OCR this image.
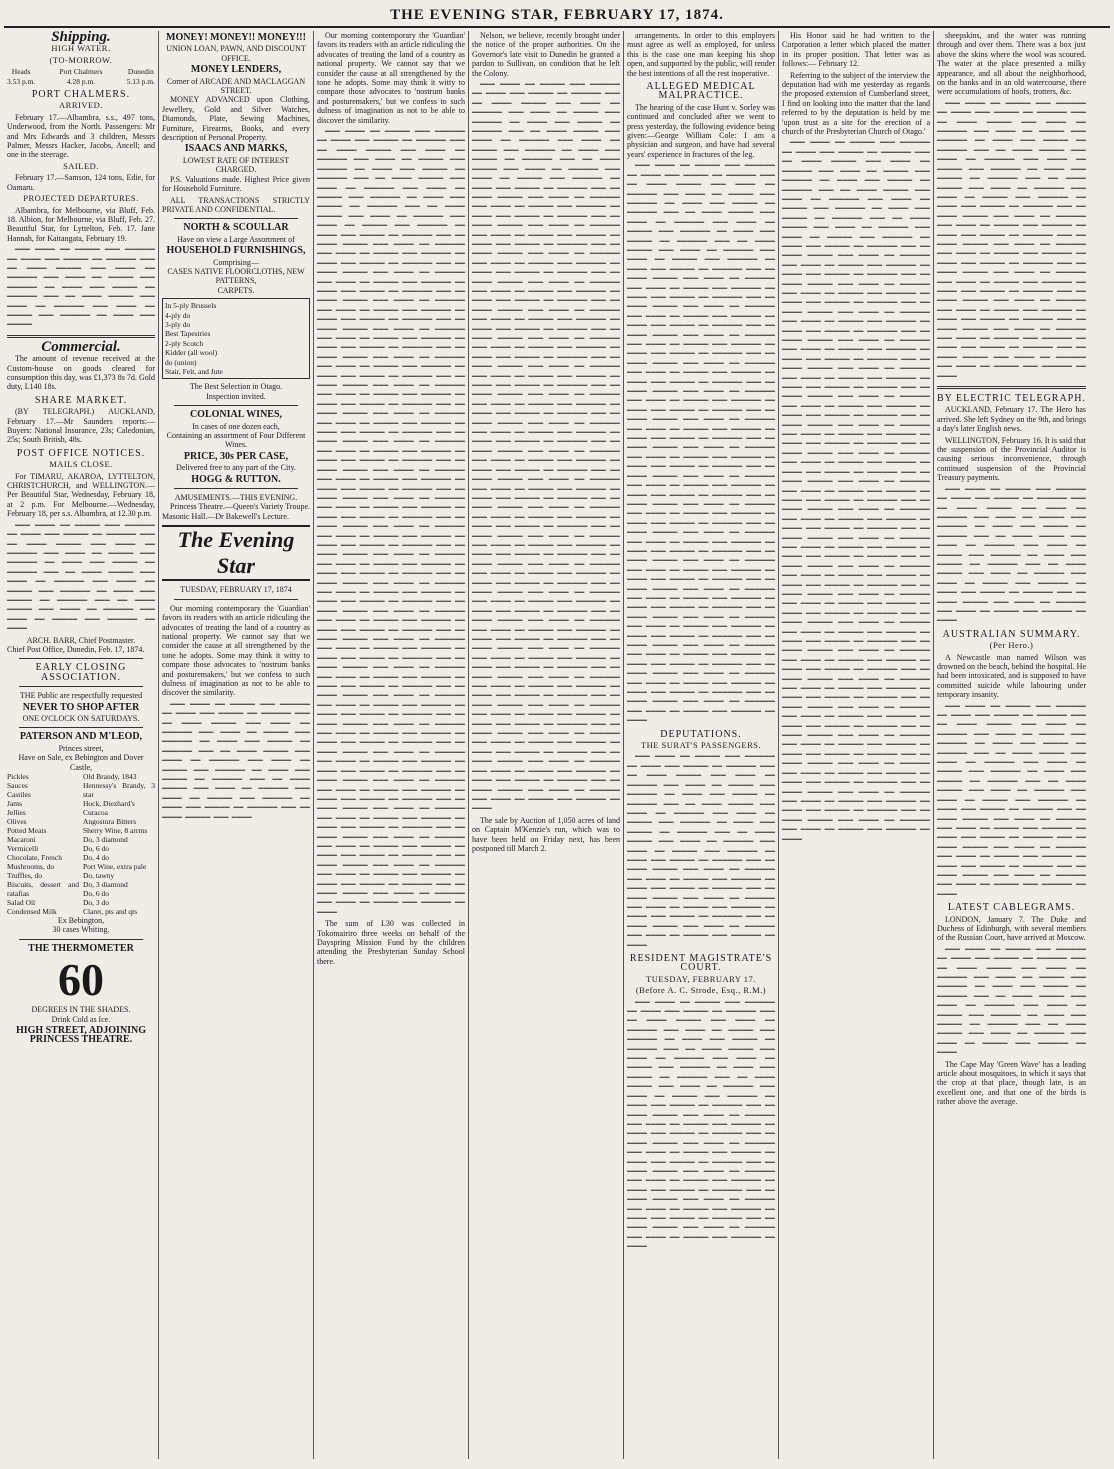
THE EVENING STAR, FEBRUARY 17, 1874.
Shipping.
HIGH WATER.
(TO-MORROW.
Heads
3.53 p.m.
Port Chalmers
4.28 p.m.
Dunedin
5.13 p.m.
PORT CHALMERS.
ARRIVED.

February 17.—Albambra, s.s., 497 tons, Underwood, from the North. Passengers: Mr and Mrs Edwards and 3 children, Messrs Palmer, Messrs Hacker, Jacobs, Ancell; and one in the steerage.

SAILED.

February 17.—Samson, 124 tons, Edie, for Oamaru.

PROJECTED DEPARTURES.

Albambra, for Melbourne, via Bluff, Feb. 18. Albion, for Melbourne, via Bluff, Feb. 27. Beautiful Star, for Lyttelton, Feb. 17. Jane Hannah, for Kaitangata, February 19.

━━━ ━━━━ ━━ ━━━━━ ━━━ ━━━━━━ ━━ ━━━━ ━━━ ━━━━━ ━━ ━━━━━━ ━━━ ━━ ━━━━ ━━━━━ ━━━ ━━━━ ━━ ━━━━━━ ━━━ ━━━━ ━━ ━━━━━ ━━━ ━━━━━━ ━━ ━━━━ ━━━ ━━━━━ ━━ ━━━━━━ ━━━ ━━ ━━━━ ━━━━━ ━━━ ━━━━ ━━ ━━━━━━ ━━━ ━━━━ ━━ ━━━━━ ━━━ ━━━━━━ ━━ ━━━━ ━━━ ━━━━━

Commercial.

The amount of revenue received at the Custom-house on goods cleared for consumption this day, was £1,373 8s 7d. Gold duty, L140 18s.

SHARE MARKET.

(BY TELEGRAPH.) AUCKLAND, February 17.—Mr Saunders reports:—Buyers: National Insurance, 23s; Caledonian, 25s; South British, 48s.

POST OFFICE NOTICES.
MAILS CLOSE.

For TIMARU, AKAROA, LYTTELTON, CHRISTCHURCH, and WELLINGTON.—Per Beautiful Star, Wednesday, February 18, at 2 p.m. For Melbourne.—Wednesday, February 18, per s.s. Albambra, at 12.30 p.m.

━━━ ━━━━ ━━ ━━━━━ ━━━ ━━━━━━ ━━ ━━━━ ━━━ ━━━━━ ━━ ━━━━━━ ━━━ ━━ ━━━━ ━━━━━ ━━━ ━━━━ ━━ ━━━━━━ ━━━ ━━━━ ━━ ━━━━━ ━━━ ━━━━━━ ━━ ━━━━ ━━━ ━━━━━ ━━ ━━━━━━ ━━━ ━━ ━━━━ ━━━━━ ━━━ ━━━━ ━━ ━━━━━━ ━━━ ━━━━ ━━ ━━━━━ ━━━ ━━━━━━ ━━ ━━━━ ━━━ ━━━━━ ━━ ━━━━━━ ━━━ ━━ ━━━━ ━━━━━ ━━━ ━━━━ ━━ ━━━━━━ ━━━ ━━━━ ━━ ━━━━━ ━━━ ━━━━━━ ━━ ━━━━

ARCH. BARR, Chief Postmaster.
Chief Post Office, Dunedin, Feb. 17, 1874.
EARLY CLOSING ASSOCIATION.
THE Public are respectfully requested
NEVER TO SHOP AFTER
ONE O'CLOCK ON SATURDAYS.
PATERSON AND M'LEOD,
Princes street,
Have on Sale, ex Bebington and Dover Castle,
Pickles
Sauces
Castiles
Jams
Jellies
Olives
Potted Meats
Macaroni
Vermicelli
Chocolate, French
Mushrooms, do
Truffles, do
Biscuits, dessert and ratafias
Salad Oil
Condensed Milk
Old Brandy, 1843
Hennessy's Brandy, 3 star
Hock, Diezhard's
Curacoa
Angostura Bitters
Sherry Wine, 8 arrms
Do, 3 diamond
Do, 6 do
Do, 4 do
Port Wine, extra pale
Do, tawny
Do, 3 diamond
Do, 6 do
Do, 3 do
Claret, pts and qts
Ex Bebington,
30 cases Whiting.
THE THERMOMETER
60
DEGREES IN THE SHADES.
Drink Cold as Ice.
HIGH STREET, ADJOINING PRINCESS THEATRE.
MONEY! MONEY!! MONEY!!!
UNION LOAN, PAWN, AND DISCOUNT OFFICE.
MONEY LENDERS,
Corner of ARCADE AND MACLAGGAN STREET.

MONEY ADVANCED upon Clothing, Jewellery, Gold and Silver Watches, Diamonds, Plate, Sewing Machines, Furniture, Firearms, Books, and every description of Personal Property.

ISAACS AND MARKS,
LOWEST RATE OF INTEREST CHARGED.

P.S. Valuations made. Highest Price given for Household Furniture.

ALL TRANSACTIONS STRICTLY PRIVATE AND CONFIDENTIAL.

NORTH & SCOULLAR
Have on view a Large Assortment of
HOUSEHOLD FURNISHINGS,
Comprising—
CASES NATIVE FLOORCLOTHS, NEW PATTERNS,
CARPETS.
In 5-ply Brussels
4-ply do
3-ply do
Best Tapestries
2-ply Scotch
Kidder (all wool)
do (union)
Stair, Felt, and Jute
The Best Selection in Otago.
Inspection invited.
COLONIAL WINES,
In cases of one dozen each,
Containing an assortment of Four Different Wines.
PRICE, 30s PER CASE,
Delivered free to any part of the City.
HOGG & RUTTON.
AMUSEMENTS.—THIS EVENING.

Princess Theatre.—Queen's Variety Troupe. Masonic Hall.—Dr Bakewell's Lecture.

The Evening Star
TUESDAY, FEBRUARY 17, 1874

Our morning contemporary the 'Guardian' favors its readers with an article ridiculing the advocates of treating the land of a country as national property. We cannot say that we consider the cause at all strengthened by the tone he adopts. Some may think it witty to compare those advocates to 'nostrum banks and posturemakers,' but we confess to such dulness of imagination as not to be able to discover the similarity.

━━━ ━━━━ ━━ ━━━━━ ━━━ ━━━━━━ ━━ ━━━━ ━━━ ━━━━━ ━━ ━━━━━━ ━━━ ━━ ━━━━ ━━━━━ ━━━ ━━━━ ━━ ━━━━━━ ━━━ ━━━━ ━━ ━━━━━ ━━━ ━━━━━━ ━━ ━━━━ ━━━ ━━━━━ ━━ ━━━━━━ ━━━ ━━ ━━━━ ━━━━━ ━━━ ━━━━ ━━ ━━━━━━ ━━━ ━━━━ ━━ ━━━━━ ━━━ ━━━━━━ ━━ ━━━━ ━━━ ━━━━━ ━━ ━━━━━━ ━━━ ━━ ━━━━ ━━━━━ ━━━ ━━━━ ━━ ━━━━━━ ━━━ ━━━━ ━━ ━━━━━ ━━━ ━━━━━━ ━━ ━━━━ ━━━ ━━━━━ ━━ ━━━━━━ ━━━ ━━ ━━━━ ━━━━━ ━━━ ━━━━

Our morning contemporary the 'Guardian' favors its readers with an article ridiculing the advocates of treating the land of a country as national property. We cannot say that we consider the cause at all strengthened by the tone he adopts. Some may think it witty to compare those advocates to 'nostrum banks and posturemakers,' but we confess to such dulness of imagination as not to be able to discover the similarity.

━━━ ━━━━ ━━ ━━━━━ ━━━ ━━━━━━ ━━ ━━━━ ━━━ ━━━━━ ━━ ━━━━━━ ━━━ ━━ ━━━━ ━━━━━ ━━━ ━━━━ ━━ ━━━━━━ ━━━ ━━━━ ━━ ━━━━━ ━━━ ━━━━━━ ━━ ━━━━ ━━━ ━━━━━ ━━ ━━━━━━ ━━━ ━━ ━━━━ ━━━━━ ━━━ ━━━━ ━━ ━━━━━━ ━━━ ━━━━ ━━ ━━━━━ ━━━ ━━━━━━ ━━ ━━━━ ━━━ ━━━━━ ━━ ━━━━━━ ━━━ ━━ ━━━━ ━━━━━ ━━━ ━━━━ ━━ ━━━━━━ ━━━ ━━━━ ━━ ━━━━━ ━━━ ━━━━━━ ━━ ━━━━ ━━━ ━━━━━ ━━ ━━━━━━ ━━━ ━━ ━━━━ ━━━━━ ━━━ ━━━━ ━━ ━━━━━━ ━━━ ━━━━ ━━ ━━━━━ ━━━ ━━━━━━ ━━ ━━━━ ━━━ ━━━━━ ━━ ━━━━━━ ━━━ ━━ ━━━━ ━━━━━ ━━━ ━━━━ ━━ ━━━━━━ ━━━ ━━━━ ━━ ━━━━━ ━━━ ━━━━━━ ━━ ━━━━ ━━━ ━━━━━ ━━ ━━━━━━ ━━━ ━━ ━━━━ ━━━━━ ━━━ ━━━━ ━━ ━━━━━━ ━━━ ━━━━ ━━ ━━━━━ ━━━ ━━━━━━ ━━ ━━━━ ━━━ ━━━━━ ━━ ━━━━━━ ━━━ ━━ ━━━━ ━━━━━ ━━━ ━━━━ ━━ ━━━━━━ ━━━ ━━━━ ━━ ━━━━━ ━━━ ━━━━━━ ━━ ━━━━ ━━━ ━━━━━ ━━ ━━━━━━ ━━━ ━━ ━━━━ ━━━━━ ━━━ ━━━━ ━━ ━━━━━━ ━━━ ━━━━ ━━ ━━━━━ ━━━ ━━━━━━ ━━ ━━━━ ━━━ ━━━━━ ━━ ━━━━━━ ━━━ ━━ ━━━━ ━━━━━ ━━━ ━━━━ ━━ ━━━━━━ ━━━ ━━━━ ━━ ━━━━━ ━━━ ━━━━━━ ━━ ━━━━ ━━━ ━━━━━ ━━ ━━━━━━ ━━━ ━━ ━━━━ ━━━━━ ━━━ ━━━━ ━━ ━━━━━━ ━━━ ━━━━ ━━ ━━━━━ ━━━ ━━━━━━ ━━ ━━━━ ━━━ ━━━━━ ━━ ━━━━━━ ━━━ ━━ ━━━━ ━━━━━ ━━━ ━━━━ ━━ ━━━━━━ ━━━ ━━━━ ━━ ━━━━━ ━━━ ━━━━━━ ━━ ━━━━ ━━━ ━━━━━ ━━ ━━━━━━ ━━━ ━━ ━━━━ ━━━━━ ━━━ ━━━━ ━━ ━━━━━━ ━━━ ━━━━ ━━ ━━━━━ ━━━ ━━━━━━ ━━ ━━━━ ━━━ ━━━━━ ━━ ━━━━━━ ━━━ ━━ ━━━━ ━━━━━ ━━━ ━━━━ ━━ ━━━━━━ ━━━ ━━━━ ━━ ━━━━━ ━━━ ━━━━━━ ━━ ━━━━ ━━━ ━━━━━ ━━ ━━━━━━ ━━━ ━━ ━━━━ ━━━━━ ━━━ ━━━━ ━━ ━━━━━━ ━━━ ━━━━ ━━ ━━━━━ ━━━ ━━━━━━ ━━ ━━━━ ━━━ ━━━━━ ━━ ━━━━━━ ━━━ ━━ ━━━━ ━━━━━ ━━━ ━━━━ ━━ ━━━━━━ ━━━ ━━━━ ━━ ━━━━━ ━━━ ━━━━━━ ━━ ━━━━ ━━━ ━━━━━ ━━ ━━━━━━ ━━━ ━━ ━━━━ ━━━━━ ━━━ ━━━━ ━━ ━━━━━━ ━━━ ━━━━ ━━ ━━━━━ ━━━ ━━━━━━ ━━ ━━━━ ━━━ ━━━━━ ━━ ━━━━━━ ━━━ ━━ ━━━━ ━━━━━ ━━━ ━━━━ ━━ ━━━━━━ ━━━ ━━━━ ━━ ━━━━━ ━━━ ━━━━━━ ━━ ━━━━ ━━━ ━━━━━ ━━ ━━━━━━ ━━━ ━━ ━━━━ ━━━━━ ━━━ ━━━━ ━━ ━━━━━━ ━━━ ━━━━ ━━ ━━━━━ ━━━ ━━━━━━ ━━ ━━━━ ━━━ ━━━━━ ━━ ━━━━━━ ━━━ ━━ ━━━━ ━━━━━ ━━━ ━━━━ ━━ ━━━━━━ ━━━ ━━━━ ━━ ━━━━━ ━━━ ━━━━━━ ━━ ━━━━ ━━━ ━━━━━ ━━ ━━━━━━ ━━━ ━━ ━━━━ ━━━━━ ━━━ ━━━━ ━━ ━━━━━━ ━━━ ━━━━ ━━ ━━━━━ ━━━ ━━━━━━ ━━ ━━━━ ━━━ ━━━━━ ━━ ━━━━━━ ━━━ ━━ ━━━━ ━━━━━ ━━━ ━━━━ ━━ ━━━━━━ ━━━ ━━━━ ━━ ━━━━━ ━━━ ━━━━━━ ━━ ━━━━ ━━━ ━━━━━ ━━ ━━━━━━ ━━━ ━━ ━━━━ ━━━━━ ━━━ ━━━━ ━━ ━━━━━━ ━━━ ━━━━ ━━ ━━━━━ ━━━ ━━━━━━ ━━ ━━━━ ━━━ ━━━━━ ━━ ━━━━━━ ━━━ ━━ ━━━━ ━━━━━ ━━━ ━━━━ ━━ ━━━━━━ ━━━ ━━━━ ━━ ━━━━━ ━━━ ━━━━━━ ━━ ━━━━ ━━━ ━━━━━ ━━ ━━━━━━ ━━━ ━━ ━━━━ ━━━━━ ━━━ ━━━━ ━━ ━━━━━━ ━━━ ━━━━ ━━ ━━━━━ ━━━ ━━━━━━ ━━ ━━━━ ━━━ ━━━━━ ━━ ━━━━━━ ━━━ ━━ ━━━━ ━━━━━ ━━━ ━━━━ ━━ ━━━━━━ ━━━ ━━━━ ━━ ━━━━━ ━━━ ━━━━━━ ━━ ━━━━ ━━━ ━━━━━ ━━ ━━━━━━ ━━━ ━━ ━━━━ ━━━━━ ━━━ ━━━━ ━━ ━━━━━━ ━━━ ━━━━ ━━ ━━━━━ ━━━ ━━━━━━ ━━ ━━━━ ━━━ ━━━━━ ━━ ━━━━━━ ━━━ ━━ ━━━━ ━━━━━ ━━━ ━━━━ ━━ ━━━━━━ ━━━ ━━━━ ━━ ━━━━━ ━━━ ━━━━━━ ━━ ━━━━

The sum of L30 was collected in Tokomairiro three weeks on behalf of the Dayspring Mission Fund by the children attending the Presbyterian Sunday School there.

Nelson, we believe, recently brought under the notice of the proper authorities. On the Governor's late visit to Dunedin he granted a pardon to Sullivan, on condition that he left the Colony.

━━━ ━━━━ ━━ ━━━━━ ━━━ ━━━━━━ ━━ ━━━━ ━━━ ━━━━━ ━━ ━━━━━━ ━━━ ━━ ━━━━ ━━━━━ ━━━ ━━━━ ━━ ━━━━━━ ━━━ ━━━━ ━━ ━━━━━ ━━━ ━━━━━━ ━━ ━━━━ ━━━ ━━━━━ ━━ ━━━━━━ ━━━ ━━ ━━━━ ━━━━━ ━━━ ━━━━ ━━ ━━━━━━ ━━━ ━━━━ ━━ ━━━━━ ━━━ ━━━━━━ ━━ ━━━━ ━━━ ━━━━━ ━━ ━━━━━━ ━━━ ━━ ━━━━ ━━━━━ ━━━ ━━━━ ━━ ━━━━━━ ━━━ ━━━━ ━━ ━━━━━ ━━━ ━━━━━━ ━━ ━━━━ ━━━ ━━━━━ ━━ ━━━━━━ ━━━ ━━ ━━━━ ━━━━━ ━━━ ━━━━ ━━ ━━━━━━ ━━━ ━━━━ ━━ ━━━━━ ━━━ ━━━━━━ ━━ ━━━━ ━━━ ━━━━━ ━━ ━━━━━━ ━━━ ━━ ━━━━ ━━━━━ ━━━ ━━━━ ━━ ━━━━━━ ━━━ ━━━━ ━━ ━━━━━ ━━━ ━━━━━━ ━━ ━━━━ ━━━ ━━━━━ ━━ ━━━━━━ ━━━ ━━ ━━━━ ━━━━━ ━━━ ━━━━ ━━ ━━━━━━ ━━━ ━━━━ ━━ ━━━━━ ━━━ ━━━━━━ ━━ ━━━━ ━━━ ━━━━━ ━━ ━━━━━━ ━━━ ━━ ━━━━ ━━━━━ ━━━ ━━━━ ━━ ━━━━━━ ━━━ ━━━━ ━━ ━━━━━ ━━━ ━━━━━━ ━━ ━━━━ ━━━ ━━━━━ ━━ ━━━━━━ ━━━ ━━ ━━━━ ━━━━━ ━━━ ━━━━ ━━ ━━━━━━ ━━━ ━━━━ ━━ ━━━━━ ━━━ ━━━━━━ ━━ ━━━━ ━━━ ━━━━━ ━━ ━━━━━━ ━━━ ━━ ━━━━ ━━━━━ ━━━ ━━━━ ━━ ━━━━━━ ━━━ ━━━━ ━━ ━━━━━ ━━━ ━━━━━━ ━━ ━━━━ ━━━ ━━━━━ ━━ ━━━━━━ ━━━ ━━ ━━━━ ━━━━━ ━━━ ━━━━ ━━ ━━━━━━ ━━━ ━━━━ ━━ ━━━━━ ━━━ ━━━━━━ ━━ ━━━━ ━━━ ━━━━━ ━━ ━━━━━━ ━━━ ━━ ━━━━ ━━━━━ ━━━ ━━━━ ━━ ━━━━━━ ━━━ ━━━━ ━━ ━━━━━ ━━━ ━━━━━━ ━━ ━━━━ ━━━ ━━━━━ ━━ ━━━━━━ ━━━ ━━ ━━━━ ━━━━━ ━━━ ━━━━ ━━ ━━━━━━ ━━━ ━━━━ ━━ ━━━━━ ━━━ ━━━━━━ ━━ ━━━━ ━━━ ━━━━━ ━━ ━━━━━━ ━━━ ━━ ━━━━ ━━━━━ ━━━ ━━━━ ━━ ━━━━━━ ━━━ ━━━━ ━━ ━━━━━ ━━━ ━━━━━━ ━━ ━━━━ ━━━ ━━━━━ ━━ ━━━━━━ ━━━ ━━ ━━━━ ━━━━━ ━━━ ━━━━ ━━ ━━━━━━ ━━━ ━━━━ ━━ ━━━━━ ━━━ ━━━━━━ ━━ ━━━━ ━━━ ━━━━━ ━━ ━━━━━━ ━━━ ━━ ━━━━ ━━━━━ ━━━ ━━━━ ━━ ━━━━━━ ━━━ ━━━━ ━━ ━━━━━ ━━━ ━━━━━━ ━━ ━━━━ ━━━ ━━━━━ ━━ ━━━━━━ ━━━ ━━ ━━━━ ━━━━━ ━━━ ━━━━ ━━ ━━━━━━ ━━━ ━━━━ ━━ ━━━━━ ━━━ ━━━━━━ ━━ ━━━━ ━━━ ━━━━━ ━━ ━━━━━━ ━━━ ━━ ━━━━ ━━━━━ ━━━ ━━━━ ━━ ━━━━━━ ━━━ ━━━━ ━━ ━━━━━ ━━━ ━━━━━━ ━━ ━━━━ ━━━ ━━━━━ ━━ ━━━━━━ ━━━ ━━ ━━━━ ━━━━━ ━━━ ━━━━ ━━ ━━━━━━ ━━━ ━━━━ ━━ ━━━━━ ━━━ ━━━━━━ ━━ ━━━━ ━━━ ━━━━━ ━━ ━━━━━━ ━━━ ━━ ━━━━ ━━━━━ ━━━ ━━━━ ━━ ━━━━━━ ━━━ ━━━━ ━━ ━━━━━ ━━━ ━━━━━━ ━━ ━━━━ ━━━ ━━━━━ ━━ ━━━━━━ ━━━ ━━ ━━━━ ━━━━━ ━━━ ━━━━ ━━ ━━━━━━ ━━━ ━━━━ ━━ ━━━━━ ━━━ ━━━━━━ ━━ ━━━━ ━━━ ━━━━━ ━━ ━━━━━━ ━━━ ━━ ━━━━ ━━━━━ ━━━ ━━━━ ━━ ━━━━━━ ━━━ ━━━━ ━━ ━━━━━ ━━━ ━━━━━━ ━━ ━━━━ ━━━ ━━━━━ ━━ ━━━━━━ ━━━ ━━ ━━━━ ━━━━━ ━━━ ━━━━ ━━ ━━━━━━ ━━━ ━━━━ ━━ ━━━━━ ━━━ ━━━━━━ ━━ ━━━━ ━━━ ━━━━━ ━━ ━━━━━━ ━━━ ━━ ━━━━ ━━━━━ ━━━ ━━━━ ━━ ━━━━━━ ━━━ ━━━━ ━━ ━━━━━ ━━━ ━━━━━━ ━━ ━━━━ ━━━ ━━━━━ ━━ ━━━━━━ ━━━ ━━ ━━━━ ━━━━━ ━━━ ━━━━ ━━ ━━━━━━ ━━━ ━━━━ ━━ ━━━━━ ━━━ ━━━━━━ ━━ ━━━━ ━━━ ━━━━━ ━━ ━━━━━━ ━━━ ━━ ━━━━ ━━━━━ ━━━ ━━━━ ━━ ━━━━━━ ━━━ ━━━━ ━━ ━━━━━ ━━━ ━━━━━━ ━━ ━━━━

The sale by Auction of 1,050 acres of land on Captain M'Kenzie's run, which was to have been held on Friday next, has been postponed till March 2.

arrangements. In order to this employers must agree as well as employed, for unless this is the case one man keeping his shop open, and supported by the public, will render the best intentions of all the rest inoperative.

ALLEGED MEDICAL MALPRACTICE.

The hearing of the case Hunt v. Sorley was continued and concluded after we went to press yesterday, the following evidence being given:—George William Cole: I am a physician and surgeon, and have had several years' experience in fractures of the leg.

━━━ ━━━━ ━━ ━━━━━ ━━━ ━━━━━━ ━━ ━━━━ ━━━ ━━━━━ ━━ ━━━━━━ ━━━ ━━ ━━━━ ━━━━━ ━━━ ━━━━ ━━ ━━━━━━ ━━━ ━━━━ ━━ ━━━━━ ━━━ ━━━━━━ ━━ ━━━━ ━━━ ━━━━━ ━━ ━━━━━━ ━━━ ━━ ━━━━ ━━━━━ ━━━ ━━━━ ━━ ━━━━━━ ━━━ ━━━━ ━━ ━━━━━ ━━━ ━━━━━━ ━━ ━━━━ ━━━ ━━━━━ ━━ ━━━━━━ ━━━ ━━ ━━━━ ━━━━━ ━━━ ━━━━ ━━ ━━━━━━ ━━━ ━━━━ ━━ ━━━━━ ━━━ ━━━━━━ ━━ ━━━━ ━━━ ━━━━━ ━━ ━━━━━━ ━━━ ━━ ━━━━ ━━━━━ ━━━ ━━━━ ━━ ━━━━━━ ━━━ ━━━━ ━━ ━━━━━ ━━━ ━━━━━━ ━━ ━━━━ ━━━ ━━━━━ ━━ ━━━━━━ ━━━ ━━ ━━━━ ━━━━━ ━━━ ━━━━ ━━ ━━━━━━ ━━━ ━━━━ ━━ ━━━━━ ━━━ ━━━━━━ ━━ ━━━━ ━━━ ━━━━━ ━━ ━━━━━━ ━━━ ━━ ━━━━ ━━━━━ ━━━ ━━━━ ━━ ━━━━━━ ━━━ ━━━━ ━━ ━━━━━ ━━━ ━━━━━━ ━━ ━━━━ ━━━ ━━━━━ ━━ ━━━━━━ ━━━ ━━ ━━━━ ━━━━━ ━━━ ━━━━ ━━ ━━━━━━ ━━━ ━━━━ ━━ ━━━━━ ━━━ ━━━━━━ ━━ ━━━━ ━━━ ━━━━━ ━━ ━━━━━━ ━━━ ━━ ━━━━ ━━━━━ ━━━ ━━━━ ━━ ━━━━━━ ━━━ ━━━━ ━━ ━━━━━ ━━━ ━━━━━━ ━━ ━━━━ ━━━ ━━━━━ ━━ ━━━━━━ ━━━ ━━ ━━━━ ━━━━━ ━━━ ━━━━ ━━ ━━━━━━ ━━━ ━━━━ ━━ ━━━━━ ━━━ ━━━━━━ ━━ ━━━━ ━━━ ━━━━━ ━━ ━━━━━━ ━━━ ━━ ━━━━ ━━━━━ ━━━ ━━━━ ━━ ━━━━━━ ━━━ ━━━━ ━━ ━━━━━ ━━━ ━━━━━━ ━━ ━━━━ ━━━ ━━━━━ ━━ ━━━━━━ ━━━ ━━ ━━━━ ━━━━━ ━━━ ━━━━ ━━ ━━━━━━ ━━━ ━━━━ ━━ ━━━━━ ━━━ ━━━━━━ ━━ ━━━━ ━━━ ━━━━━ ━━ ━━━━━━ ━━━ ━━ ━━━━ ━━━━━ ━━━ ━━━━ ━━ ━━━━━━ ━━━ ━━━━ ━━ ━━━━━ ━━━ ━━━━━━ ━━ ━━━━ ━━━ ━━━━━ ━━ ━━━━━━ ━━━ ━━ ━━━━ ━━━━━ ━━━ ━━━━ ━━ ━━━━━━ ━━━ ━━━━ ━━ ━━━━━ ━━━ ━━━━━━ ━━ ━━━━ ━━━ ━━━━━ ━━ ━━━━━━ ━━━ ━━ ━━━━ ━━━━━ ━━━ ━━━━ ━━ ━━━━━━ ━━━ ━━━━ ━━ ━━━━━ ━━━ ━━━━━━ ━━ ━━━━ ━━━ ━━━━━ ━━ ━━━━━━ ━━━ ━━ ━━━━ ━━━━━ ━━━ ━━━━ ━━ ━━━━━━ ━━━ ━━━━ ━━ ━━━━━ ━━━ ━━━━━━ ━━ ━━━━ ━━━ ━━━━━ ━━ ━━━━━━ ━━━ ━━ ━━━━ ━━━━━ ━━━ ━━━━ ━━ ━━━━━━ ━━━ ━━━━ ━━ ━━━━━ ━━━ ━━━━━━ ━━ ━━━━ ━━━ ━━━━━ ━━ ━━━━━━ ━━━ ━━ ━━━━ ━━━━━ ━━━ ━━━━ ━━ ━━━━━━ ━━━ ━━━━ ━━ ━━━━━ ━━━ ━━━━━━ ━━ ━━━━ ━━━ ━━━━━ ━━ ━━━━━━ ━━━ ━━ ━━━━ ━━━━━ ━━━ ━━━━ ━━ ━━━━━━ ━━━ ━━━━ ━━ ━━━━━ ━━━ ━━━━━━ ━━ ━━━━ ━━━ ━━━━━ ━━ ━━━━━━ ━━━ ━━ ━━━━ ━━━━━ ━━━ ━━━━ ━━ ━━━━━━ ━━━ ━━━━ ━━ ━━━━━ ━━━ ━━━━━━ ━━ ━━━━

DEPUTATIONS.
THE SURAT'S PASSENGERS.

━━━ ━━━━ ━━ ━━━━━ ━━━ ━━━━━━ ━━ ━━━━ ━━━ ━━━━━ ━━ ━━━━━━ ━━━ ━━ ━━━━ ━━━━━ ━━━ ━━━━ ━━ ━━━━━━ ━━━ ━━━━ ━━ ━━━━━ ━━━ ━━━━━━ ━━ ━━━━ ━━━ ━━━━━ ━━ ━━━━━━ ━━━ ━━ ━━━━ ━━━━━ ━━━ ━━━━ ━━ ━━━━━━ ━━━ ━━━━ ━━ ━━━━━ ━━━ ━━━━━━ ━━ ━━━━ ━━━ ━━━━━ ━━ ━━━━━━ ━━━ ━━ ━━━━ ━━━━━ ━━━ ━━━━ ━━ ━━━━━━ ━━━ ━━━━ ━━ ━━━━━ ━━━ ━━━━━━ ━━ ━━━━ ━━━ ━━━━━ ━━ ━━━━━━ ━━━ ━━ ━━━━ ━━━━━ ━━━ ━━━━ ━━ ━━━━━━ ━━━ ━━━━ ━━ ━━━━━ ━━━ ━━━━━━ ━━ ━━━━ ━━━ ━━━━━ ━━ ━━━━━━ ━━━ ━━ ━━━━ ━━━━━ ━━━ ━━━━ ━━ ━━━━━━ ━━━ ━━━━ ━━ ━━━━━ ━━━ ━━━━━━ ━━ ━━━━ ━━━ ━━━━━ ━━ ━━━━━━ ━━━ ━━ ━━━━ ━━━━━ ━━━ ━━━━ ━━ ━━━━━━ ━━━ ━━━━ ━━ ━━━━━ ━━━ ━━━━━━ ━━ ━━━━

RESIDENT MAGISTRATE'S COURT.
TUESDAY, FEBRUARY 17.
(Before A. C. Strode, Esq., R.M.)

━━━ ━━━━ ━━ ━━━━━ ━━━ ━━━━━━ ━━ ━━━━ ━━━ ━━━━━ ━━ ━━━━━━ ━━━ ━━ ━━━━ ━━━━━ ━━━ ━━━━ ━━ ━━━━━━ ━━━ ━━━━ ━━ ━━━━━ ━━━ ━━━━━━ ━━ ━━━━ ━━━ ━━━━━ ━━ ━━━━━━ ━━━ ━━ ━━━━ ━━━━━ ━━━ ━━━━ ━━ ━━━━━━ ━━━ ━━━━ ━━ ━━━━━ ━━━ ━━━━━━ ━━ ━━━━ ━━━ ━━━━━ ━━ ━━━━━━ ━━━ ━━ ━━━━ ━━━━━ ━━━ ━━━━ ━━ ━━━━━━ ━━━ ━━━━ ━━ ━━━━━ ━━━ ━━━━━━ ━━ ━━━━ ━━━ ━━━━━ ━━ ━━━━━━ ━━━ ━━ ━━━━ ━━━━━ ━━━ ━━━━ ━━ ━━━━━━ ━━━ ━━━━ ━━ ━━━━━ ━━━ ━━━━━━ ━━ ━━━━ ━━━ ━━━━━ ━━ ━━━━━━ ━━━ ━━ ━━━━ ━━━━━ ━━━ ━━━━ ━━ ━━━━━━ ━━━ ━━━━ ━━ ━━━━━ ━━━ ━━━━━━ ━━ ━━━━ ━━━ ━━━━━ ━━ ━━━━━━ ━━━ ━━ ━━━━ ━━━━━ ━━━ ━━━━ ━━ ━━━━━━ ━━━ ━━━━ ━━ ━━━━━ ━━━ ━━━━━━ ━━ ━━━━ ━━━ ━━━━━ ━━ ━━━━━━ ━━━ ━━ ━━━━ ━━━━━ ━━━ ━━━━ ━━ ━━━━━━ ━━━ ━━━━ ━━ ━━━━━ ━━━ ━━━━━━ ━━ ━━━━ ━━━ ━━━━━ ━━ ━━━━━━ ━━━ ━━ ━━━━ ━━━━━ ━━━ ━━━━ ━━ ━━━━━━ ━━━ ━━━━ ━━ ━━━━━ ━━━ ━━━━━━ ━━ ━━━━

His Honor said he had written to the Corporation a letter which placed the matter in its proper position. That letter was as follows:— February 12.

Referring to the subject of the interview the deputation had with me yesterday as regards the proposed extension of Cumberland street, I find on looking into the matter that the land referred to by the deputation is held by me 'upon trust as a site for the erection of a church of the Presbyterian Church of Otago.'

━━━ ━━━━ ━━ ━━━━━ ━━━ ━━━━━━ ━━ ━━━━ ━━━ ━━━━━ ━━ ━━━━━━ ━━━ ━━ ━━━━ ━━━━━ ━━━ ━━━━ ━━ ━━━━━━ ━━━ ━━━━ ━━ ━━━━━ ━━━ ━━━━━━ ━━ ━━━━ ━━━ ━━━━━ ━━ ━━━━━━ ━━━ ━━ ━━━━ ━━━━━ ━━━ ━━━━ ━━ ━━━━━━ ━━━ ━━━━ ━━ ━━━━━ ━━━ ━━━━━━ ━━ ━━━━ ━━━ ━━━━━ ━━ ━━━━━━ ━━━ ━━ ━━━━ ━━━━━ ━━━ ━━━━ ━━ ━━━━━━ ━━━ ━━━━ ━━ ━━━━━ ━━━ ━━━━━━ ━━ ━━━━ ━━━ ━━━━━ ━━ ━━━━━━ ━━━ ━━ ━━━━ ━━━━━ ━━━ ━━━━ ━━ ━━━━━━ ━━━ ━━━━ ━━ ━━━━━ ━━━ ━━━━━━ ━━ ━━━━ ━━━ ━━━━━ ━━ ━━━━━━ ━━━ ━━ ━━━━ ━━━━━ ━━━ ━━━━ ━━ ━━━━━━ ━━━ ━━━━ ━━ ━━━━━ ━━━ ━━━━━━ ━━ ━━━━ ━━━ ━━━━━ ━━ ━━━━━━ ━━━ ━━ ━━━━ ━━━━━ ━━━ ━━━━ ━━ ━━━━━━ ━━━ ━━━━ ━━ ━━━━━ ━━━ ━━━━━━ ━━ ━━━━ ━━━ ━━━━━ ━━ ━━━━━━ ━━━ ━━ ━━━━ ━━━━━ ━━━ ━━━━ ━━ ━━━━━━ ━━━ ━━━━ ━━ ━━━━━ ━━━ ━━━━━━ ━━ ━━━━ ━━━ ━━━━━ ━━ ━━━━━━ ━━━ ━━ ━━━━ ━━━━━ ━━━ ━━━━ ━━ ━━━━━━ ━━━ ━━━━ ━━ ━━━━━ ━━━ ━━━━━━ ━━ ━━━━ ━━━ ━━━━━ ━━ ━━━━━━ ━━━ ━━ ━━━━ ━━━━━ ━━━ ━━━━ ━━ ━━━━━━ ━━━ ━━━━ ━━ ━━━━━ ━━━ ━━━━━━ ━━ ━━━━ ━━━ ━━━━━ ━━ ━━━━━━ ━━━ ━━ ━━━━ ━━━━━ ━━━ ━━━━ ━━ ━━━━━━ ━━━ ━━━━ ━━ ━━━━━ ━━━ ━━━━━━ ━━ ━━━━ ━━━ ━━━━━ ━━ ━━━━━━ ━━━ ━━ ━━━━ ━━━━━ ━━━ ━━━━ ━━ ━━━━━━ ━━━ ━━━━ ━━ ━━━━━ ━━━ ━━━━━━ ━━ ━━━━ ━━━ ━━━━━ ━━ ━━━━━━ ━━━ ━━ ━━━━ ━━━━━ ━━━ ━━━━ ━━ ━━━━━━ ━━━ ━━━━ ━━ ━━━━━ ━━━ ━━━━━━ ━━ ━━━━ ━━━ ━━━━━ ━━ ━━━━━━ ━━━ ━━ ━━━━ ━━━━━ ━━━ ━━━━ ━━ ━━━━━━ ━━━ ━━━━ ━━ ━━━━━ ━━━ ━━━━━━ ━━ ━━━━ ━━━ ━━━━━ ━━ ━━━━━━ ━━━ ━━ ━━━━ ━━━━━ ━━━ ━━━━ ━━ ━━━━━━ ━━━ ━━━━ ━━ ━━━━━ ━━━ ━━━━━━ ━━ ━━━━ ━━━ ━━━━━ ━━ ━━━━━━ ━━━ ━━ ━━━━ ━━━━━ ━━━ ━━━━ ━━ ━━━━━━ ━━━ ━━━━ ━━ ━━━━━ ━━━ ━━━━━━ ━━ ━━━━ ━━━ ━━━━━ ━━ ━━━━━━ ━━━ ━━ ━━━━ ━━━━━ ━━━ ━━━━ ━━ ━━━━━━ ━━━ ━━━━ ━━ ━━━━━ ━━━ ━━━━━━ ━━ ━━━━ ━━━ ━━━━━ ━━ ━━━━━━ ━━━ ━━ ━━━━ ━━━━━ ━━━ ━━━━ ━━ ━━━━━━ ━━━ ━━━━ ━━ ━━━━━ ━━━ ━━━━━━ ━━ ━━━━ ━━━ ━━━━━ ━━ ━━━━━━ ━━━ ━━ ━━━━ ━━━━━ ━━━ ━━━━ ━━ ━━━━━━ ━━━ ━━━━ ━━ ━━━━━ ━━━ ━━━━━━ ━━ ━━━━ ━━━ ━━━━━ ━━ ━━━━━━ ━━━ ━━ ━━━━ ━━━━━ ━━━ ━━━━ ━━ ━━━━━━ ━━━ ━━━━ ━━ ━━━━━ ━━━ ━━━━━━ ━━ ━━━━ ━━━ ━━━━━ ━━ ━━━━━━ ━━━ ━━ ━━━━ ━━━━━ ━━━ ━━━━ ━━ ━━━━━━ ━━━ ━━━━ ━━ ━━━━━ ━━━ ━━━━━━ ━━ ━━━━ ━━━ ━━━━━ ━━ ━━━━━━ ━━━ ━━ ━━━━ ━━━━━ ━━━ ━━━━ ━━ ━━━━━━ ━━━ ━━━━ ━━ ━━━━━ ━━━ ━━━━━━ ━━ ━━━━ ━━━ ━━━━━ ━━ ━━━━━━ ━━━ ━━ ━━━━ ━━━━━ ━━━ ━━━━ ━━ ━━━━━━ ━━━ ━━━━ ━━ ━━━━━ ━━━ ━━━━━━ ━━ ━━━━ ━━━ ━━━━━ ━━ ━━━━━━ ━━━ ━━ ━━━━ ━━━━━ ━━━ ━━━━ ━━ ━━━━━━ ━━━ ━━━━ ━━ ━━━━━ ━━━ ━━━━━━ ━━ ━━━━ ━━━ ━━━━━ ━━ ━━━━━━ ━━━ ━━ ━━━━ ━━━━━ ━━━ ━━━━ ━━ ━━━━━━ ━━━ ━━━━ ━━ ━━━━━ ━━━ ━━━━━━ ━━ ━━━━

sheepskins, and the water was running through and over them. There was a box just above the skins where the wool was scoured. The water at the place presented a milky appearance, and all about the neighborhood, on the banks and in an old watercourse, there were accumulations of hoofs, trotters, &c.

━━━ ━━━━ ━━ ━━━━━ ━━━ ━━━━━━ ━━ ━━━━ ━━━ ━━━━━ ━━ ━━━━━━ ━━━ ━━ ━━━━ ━━━━━ ━━━ ━━━━ ━━ ━━━━━━ ━━━ ━━━━ ━━ ━━━━━ ━━━ ━━━━━━ ━━ ━━━━ ━━━ ━━━━━ ━━ ━━━━━━ ━━━ ━━ ━━━━ ━━━━━ ━━━ ━━━━ ━━ ━━━━━━ ━━━ ━━━━ ━━ ━━━━━ ━━━ ━━━━━━ ━━ ━━━━ ━━━ ━━━━━ ━━ ━━━━━━ ━━━ ━━ ━━━━ ━━━━━ ━━━ ━━━━ ━━ ━━━━━━ ━━━ ━━━━ ━━ ━━━━━ ━━━ ━━━━━━ ━━ ━━━━ ━━━ ━━━━━ ━━ ━━━━━━ ━━━ ━━ ━━━━ ━━━━━ ━━━ ━━━━ ━━ ━━━━━━ ━━━ ━━━━ ━━ ━━━━━ ━━━ ━━━━━━ ━━ ━━━━ ━━━ ━━━━━ ━━ ━━━━━━ ━━━ ━━ ━━━━ ━━━━━ ━━━ ━━━━ ━━ ━━━━━━ ━━━ ━━━━ ━━ ━━━━━ ━━━ ━━━━━━ ━━ ━━━━ ━━━ ━━━━━ ━━ ━━━━━━ ━━━ ━━ ━━━━ ━━━━━ ━━━ ━━━━ ━━ ━━━━━━ ━━━ ━━━━ ━━ ━━━━━ ━━━ ━━━━━━ ━━ ━━━━ ━━━ ━━━━━ ━━ ━━━━━━ ━━━ ━━ ━━━━ ━━━━━ ━━━ ━━━━ ━━ ━━━━━━ ━━━ ━━━━ ━━ ━━━━━ ━━━ ━━━━━━ ━━ ━━━━ ━━━ ━━━━━ ━━ ━━━━━━ ━━━ ━━ ━━━━ ━━━━━ ━━━ ━━━━ ━━ ━━━━━━ ━━━ ━━━━ ━━ ━━━━━ ━━━ ━━━━━━ ━━ ━━━━ ━━━ ━━━━━ ━━ ━━━━━━ ━━━ ━━ ━━━━ ━━━━━ ━━━ ━━━━ ━━ ━━━━━━ ━━━ ━━━━ ━━ ━━━━━ ━━━ ━━━━━━ ━━ ━━━━

BY ELECTRIC TELEGRAPH.

AUCKLAND, February 17. The Hero has arrived. She left Sydney on the 9th, and brings a day's later English news.

WELLINGTON, February 16. It is said that the suspension of the Provincial Auditor is causing serious inconvenience, through continued suspension of the Provincial Treasury payments.

━━━ ━━━━ ━━ ━━━━━ ━━━ ━━━━━━ ━━ ━━━━ ━━━ ━━━━━ ━━ ━━━━━━ ━━━ ━━ ━━━━ ━━━━━ ━━━ ━━━━ ━━ ━━━━━━ ━━━ ━━━━ ━━ ━━━━━ ━━━ ━━━━━━ ━━ ━━━━ ━━━ ━━━━━ ━━ ━━━━━━ ━━━ ━━ ━━━━ ━━━━━ ━━━ ━━━━ ━━ ━━━━━━ ━━━ ━━━━ ━━ ━━━━━ ━━━ ━━━━━━ ━━ ━━━━ ━━━ ━━━━━ ━━ ━━━━━━ ━━━ ━━ ━━━━ ━━━━━ ━━━ ━━━━ ━━ ━━━━━━ ━━━ ━━━━ ━━ ━━━━━ ━━━ ━━━━━━ ━━ ━━━━ ━━━ ━━━━━ ━━ ━━━━━━ ━━━ ━━ ━━━━ ━━━━━ ━━━ ━━━━ ━━ ━━━━━━ ━━━ ━━━━ ━━ ━━━━━ ━━━ ━━━━━━ ━━ ━━━━

AUSTRALIAN SUMMARY.
(Per Hero.)

A Newcastle man named Wilson was drowned on the beach, behind the hospital. He had been intoxicated, and is supposed to have committed suicide while labouring under temporary insanity.

━━━ ━━━━ ━━ ━━━━━ ━━━ ━━━━━━ ━━ ━━━━ ━━━ ━━━━━ ━━ ━━━━━━ ━━━ ━━ ━━━━ ━━━━━ ━━━ ━━━━ ━━ ━━━━━━ ━━━ ━━━━ ━━ ━━━━━ ━━━ ━━━━━━ ━━ ━━━━ ━━━ ━━━━━ ━━ ━━━━━━ ━━━ ━━ ━━━━ ━━━━━ ━━━ ━━━━ ━━ ━━━━━━ ━━━ ━━━━ ━━ ━━━━━ ━━━ ━━━━━━ ━━ ━━━━ ━━━ ━━━━━ ━━ ━━━━━━ ━━━ ━━ ━━━━ ━━━━━ ━━━ ━━━━ ━━ ━━━━━━ ━━━ ━━━━ ━━ ━━━━━ ━━━ ━━━━━━ ━━ ━━━━ ━━━ ━━━━━ ━━ ━━━━━━ ━━━ ━━ ━━━━ ━━━━━ ━━━ ━━━━ ━━ ━━━━━━ ━━━ ━━━━ ━━ ━━━━━ ━━━ ━━━━━━ ━━ ━━━━ ━━━ ━━━━━ ━━ ━━━━━━ ━━━ ━━ ━━━━ ━━━━━ ━━━ ━━━━ ━━ ━━━━━━ ━━━ ━━━━ ━━ ━━━━━ ━━━ ━━━━━━ ━━ ━━━━ ━━━ ━━━━━ ━━ ━━━━━━ ━━━ ━━ ━━━━ ━━━━━ ━━━ ━━━━ ━━ ━━━━━━ ━━━ ━━━━ ━━ ━━━━━ ━━━ ━━━━━━ ━━ ━━━━

LATEST CABLEGRAMS.

LONDON, January 7. The Duke and Duchess of Edinburgh, with several members of the Russian Court, have arrived at Moscow.

━━━ ━━━━ ━━ ━━━━━ ━━━ ━━━━━━ ━━ ━━━━ ━━━ ━━━━━ ━━ ━━━━━━ ━━━ ━━ ━━━━ ━━━━━ ━━━ ━━━━ ━━ ━━━━━━ ━━━ ━━━━ ━━ ━━━━━ ━━━ ━━━━━━ ━━ ━━━━ ━━━ ━━━━━ ━━ ━━━━━━ ━━━ ━━ ━━━━ ━━━━━ ━━━ ━━━━ ━━ ━━━━━━ ━━━ ━━━━ ━━ ━━━━━ ━━━ ━━━━━━ ━━ ━━━━ ━━━ ━━━━━ ━━ ━━━━━━ ━━━ ━━ ━━━━ ━━━━━ ━━━ ━━━━ ━━ ━━━━━━ ━━━ ━━━━ ━━ ━━━━━ ━━━ ━━━━━━ ━━ ━━━━

The Cape May 'Green Wave' has a leading article about mosquitoes, in which it says that the crop at that place, though late, is an excellent one, and that one of the birds is rather above the average.
